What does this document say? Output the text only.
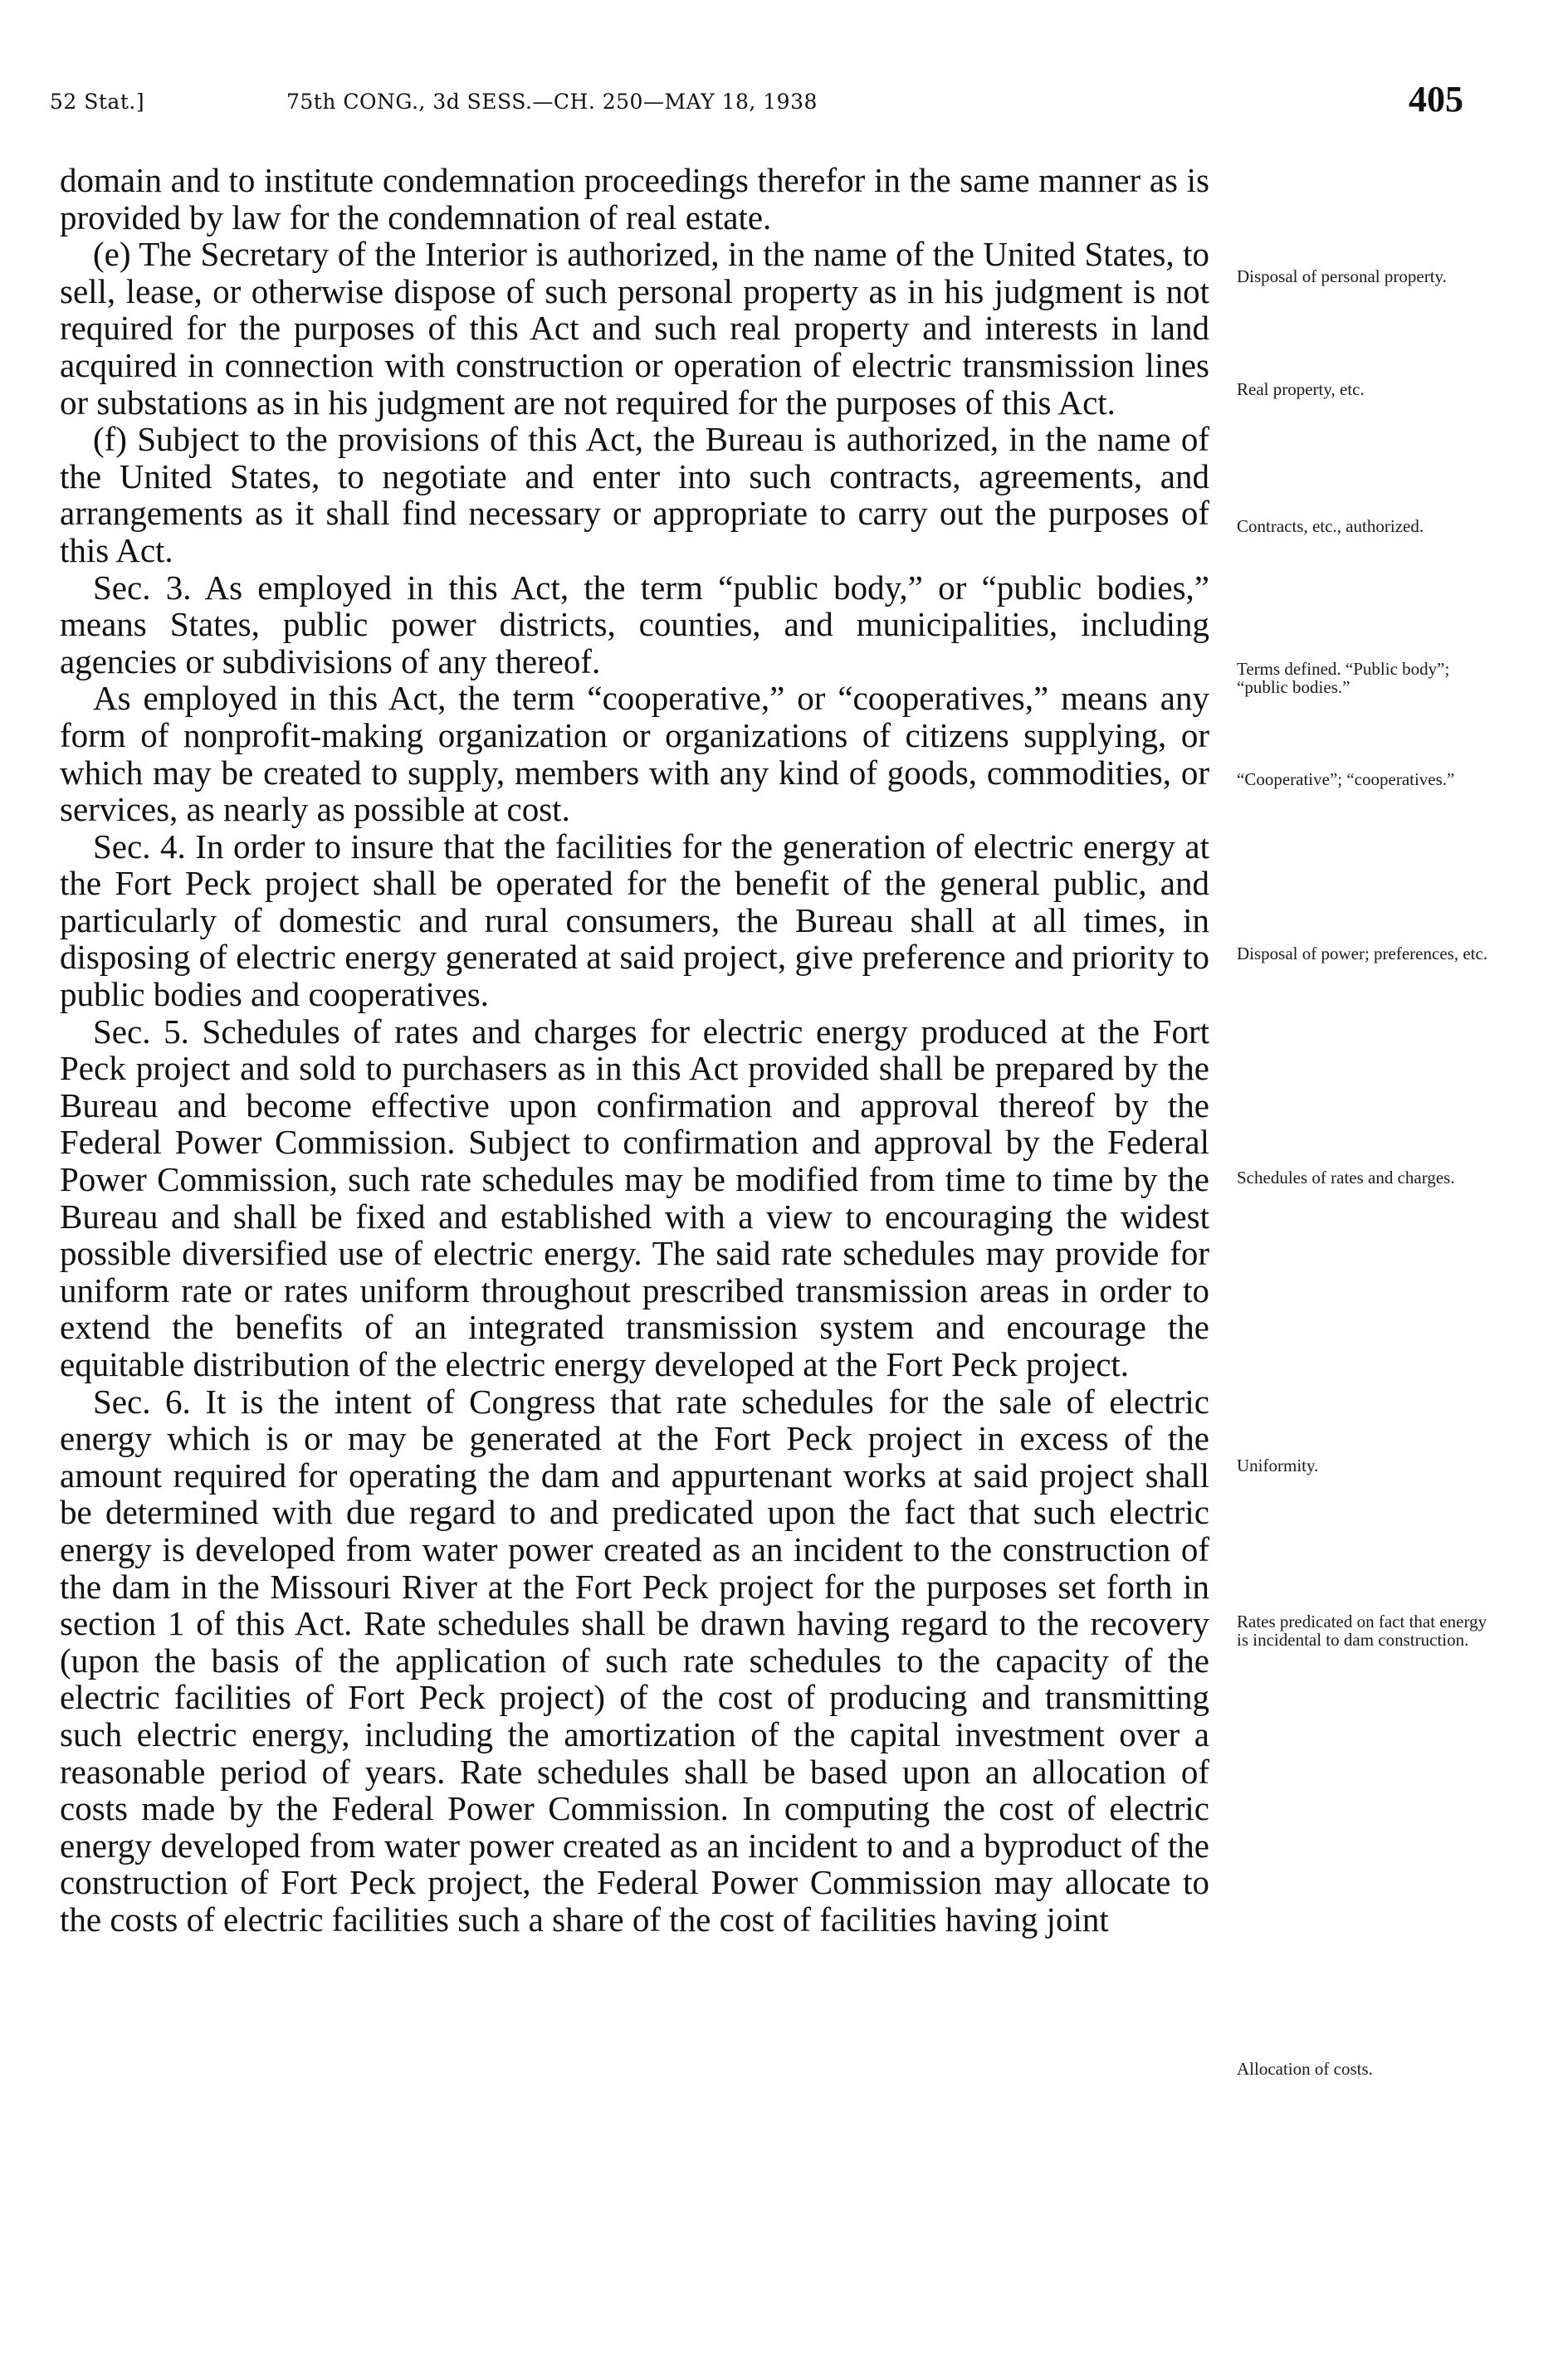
52 Stat.]	75th CONG., 3d SESS.—CH. 250—MAY 18, 1938	405

domain and to institute condemnation proceedings therefor in the same manner as is provided by law for the condemnation of real estate.

(e) The Secretary of the Interior is authorized, in the name of the United States, to sell, lease, or otherwise dispose of such personal property as in his judgment is not required for the purposes of this Act and such real property and interests in land acquired in connection with construction or operation of electric transmission lines or substations as in his judgment are not required for the purposes of this Act.

(f) Subject to the provisions of this Act, the Bureau is authorized, in the name of the United States, to negotiate and enter into such contracts, agreements, and arrangements as it shall find necessary or appropriate to carry out the purposes of this Act.

Sec. 3. As employed in this Act, the term “public body,” or “public bodies,” means States, public power districts, counties, and municipalities, including agencies or subdivisions of any thereof.

As employed in this Act, the term “cooperative,” or “cooperatives,” means any form of nonprofit-making organization or organizations of citizens supplying, or which may be created to supply, members with any kind of goods, commodities, or services, as nearly as possible at cost.

Sec. 4. In order to insure that the facilities for the generation of electric energy at the Fort Peck project shall be operated for the benefit of the general public, and particularly of domestic and rural consumers, the Bureau shall at all times, in disposing of electric energy generated at said project, give preference and priority to public bodies and cooperatives.

Sec. 5. Schedules of rates and charges for electric energy produced at the Fort Peck project and sold to purchasers as in this Act provided shall be prepared by the Bureau and become effective upon confirmation and approval thereof by the Federal Power Commission. Subject to confirmation and approval by the Federal Power Commission, such rate schedules may be modified from time to time by the Bureau and shall be fixed and established with a view to encouraging the widest possible diversified use of electric energy. The said rate schedules may provide for uniform rate or rates uniform throughout prescribed transmission areas in order to extend the benefits of an integrated transmission system and encourage the equitable distribution of the electric energy developed at the Fort Peck project.

Sec. 6. It is the intent of Congress that rate schedules for the sale of electric energy which is or may be generated at the Fort Peck project in excess of the amount required for operating the dam and appurtenant works at said project shall be determined with due regard to and predicated upon the fact that such electric energy is developed from water power created as an incident to the construction of the dam in the Missouri River at the Fort Peck project for the purposes set forth in section 1 of this Act. Rate schedules shall be drawn having regard to the recovery (upon the basis of the application of such rate schedules to the capacity of the electric facilities of Fort Peck project) of the cost of producing and transmitting such electric energy, including the amortization of the capital investment over a reasonable period of years. Rate schedules shall be based upon an allocation of costs made by the Federal Power Commission. In computing the cost of electric energy developed from water power created as an incident to and a byproduct of the construction of Fort Peck project, the Federal Power Commission may allocate to the costs of electric facilities such a share of the cost of facilities having joint

Disposal of personal property.
Real property, etc.
Contracts, etc., authorized.
Terms defined. “Public body”; “public bodies.”
“Cooperative”; “cooperatives.”
Disposal of power; preferences, etc.
Schedules of rates and charges.
Uniformity.
Rates predicated on fact that energy is incidental to dam construction.
Allocation of costs.
